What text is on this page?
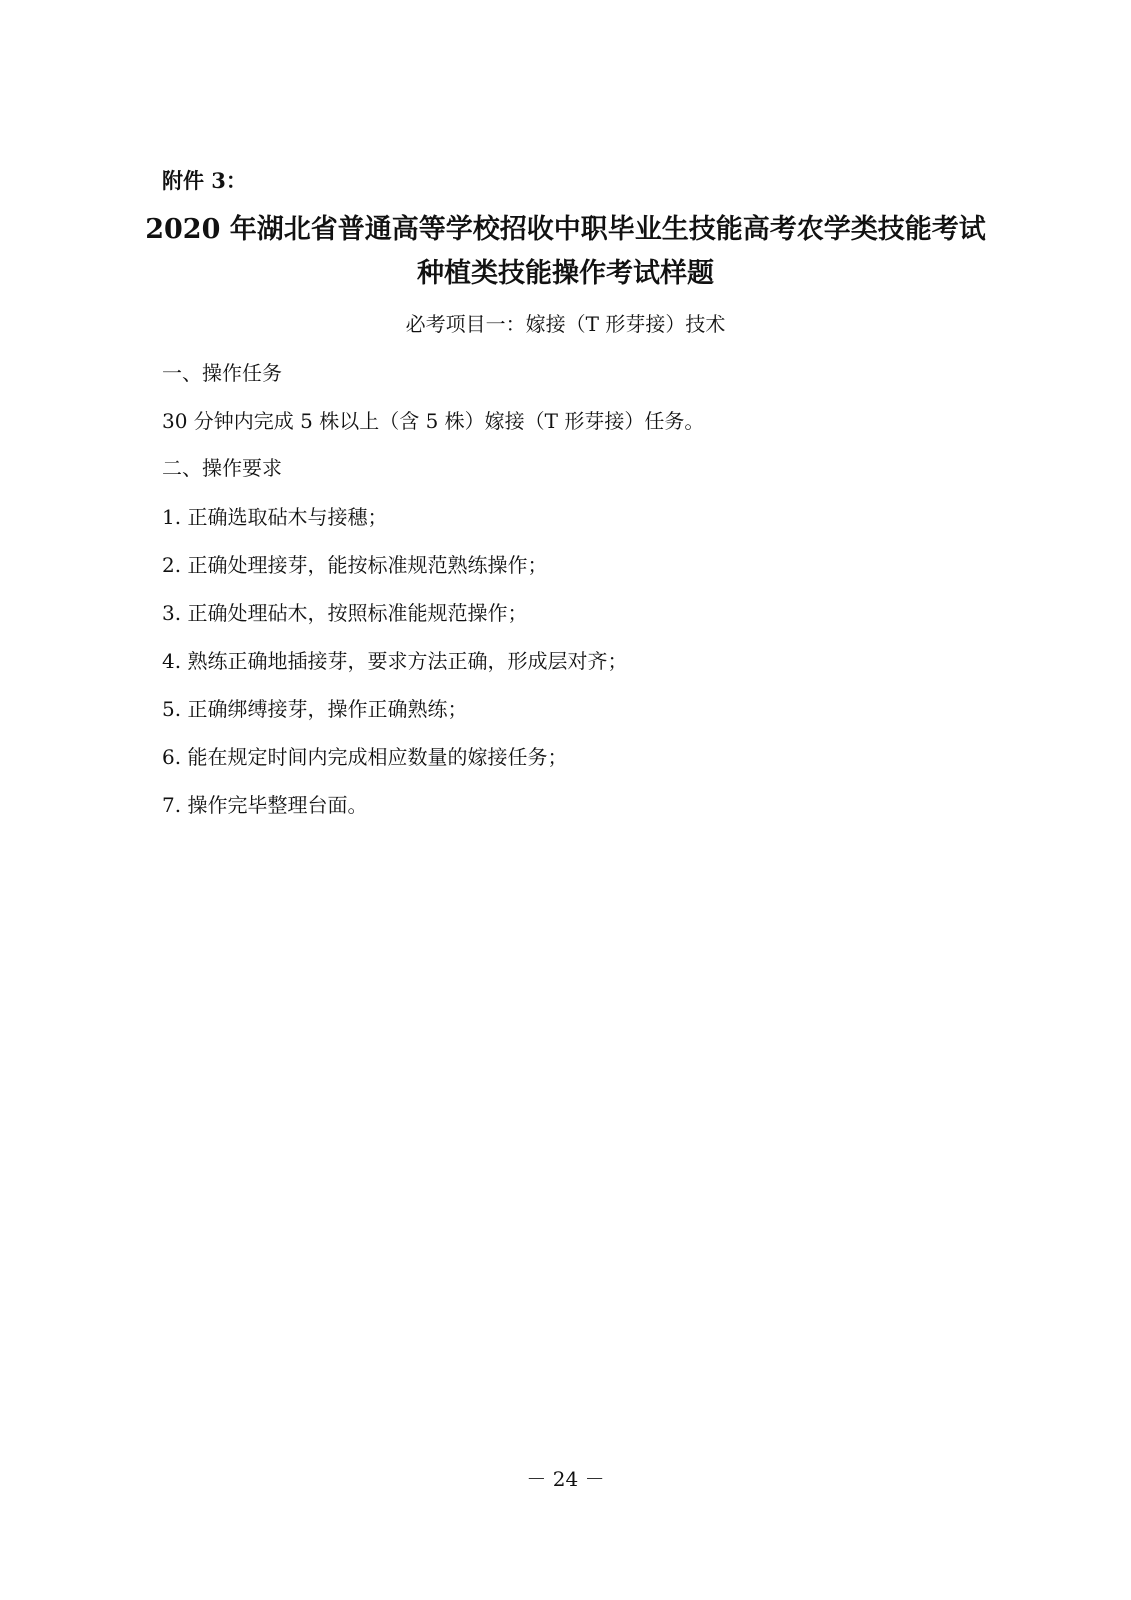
附件 3：
2020 年湖北省普通高等学校招收中职毕业生技能高考农学类技能考试
种植类技能操作考试样题
必考项目一：嫁接（T 形芽接）技术
一、操作任务
30 分钟内完成 5 株以上（含 5 株）嫁接（T 形芽接）任务。
二、操作要求
1. 正确选取砧木与接穗；
2. 正确处理接芽，能按标准规范熟练操作；
3. 正确处理砧木，按照标准能规范操作；
4. 熟练正确地插接芽，要求方法正确，形成层对齐；
5. 正确绑缚接芽，操作正确熟练；
6. 能在规定时间内完成相应数量的嫁接任务；
7. 操作完毕整理台面。
－ 24 －
